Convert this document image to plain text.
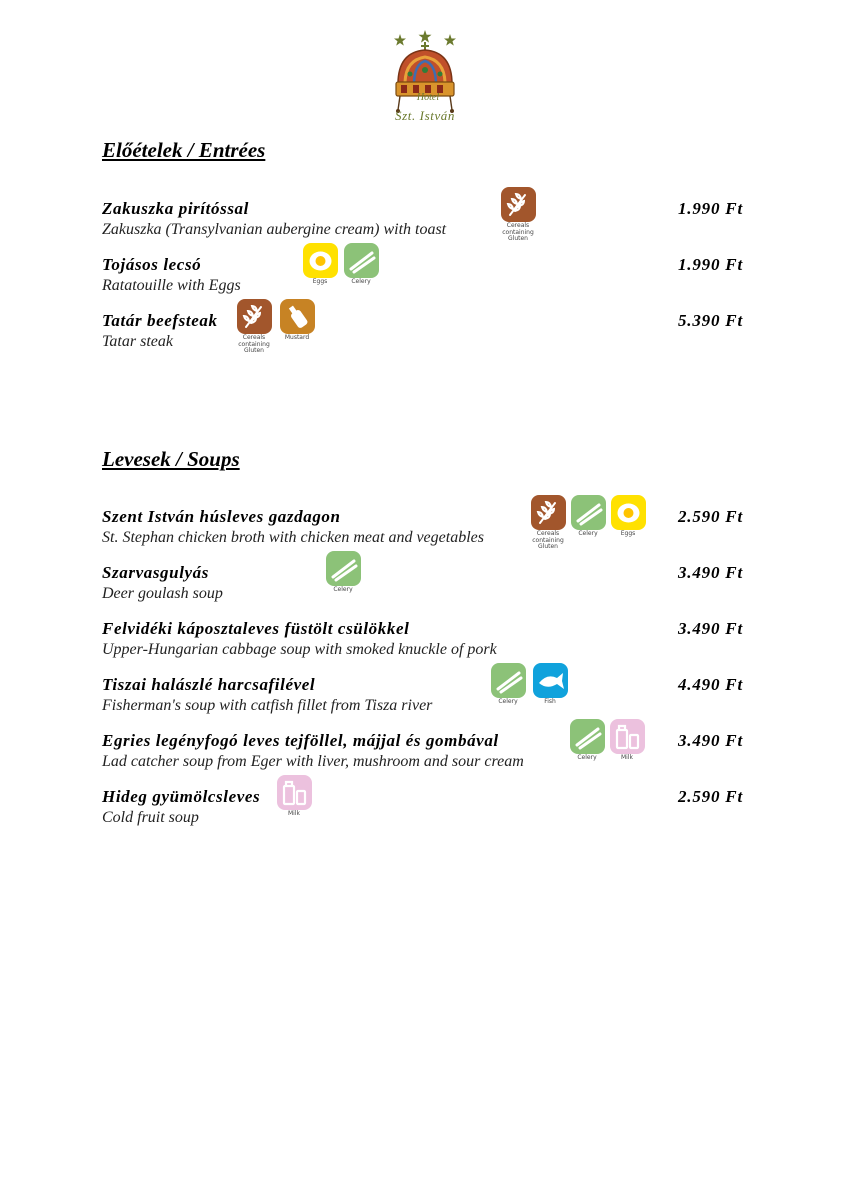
Hotel
Szt. István
Előételek / Entrées
Zakuszka pirítóssal
Zakuszka (Transylvanian aubergine cream) with toast
1.990 Ft
Cereals containing Gluten
Tojásos lecsó
Ratatouille with Eggs
1.990 Ft
Eggs	Celery
Tatár beefsteak
Tatar steak
5.390 Ft
Cereals containing Gluten
Mustard
Levesek / Soups
Szent István húsleves gazdagon
St. Stephan chicken broth with chicken meat and vegetables
2.590 Ft
Cereals containing Gluten
Celery	Eggs
Szarvasgulyás
Deer goulash soup
3.490 Ft
Celery
Felvidéki káposztaleves füstölt csülökkel
Upper-Hungarian cabbage soup with smoked knuckle of pork
3.490 Ft
Tiszai halászlé harcsafilével
Fisherman's soup with catfish fillet from Tisza river
4.490 Ft
Celery	Fish
Egries legényfogó leves tejföllel, májjal és gombával
Lad catcher soup from Eger with liver, mushroom and sour cream
3.490 Ft
Celery	Milk
Hideg gyümölcsleves
Cold fruit soup
2.590 Ft
Milk
